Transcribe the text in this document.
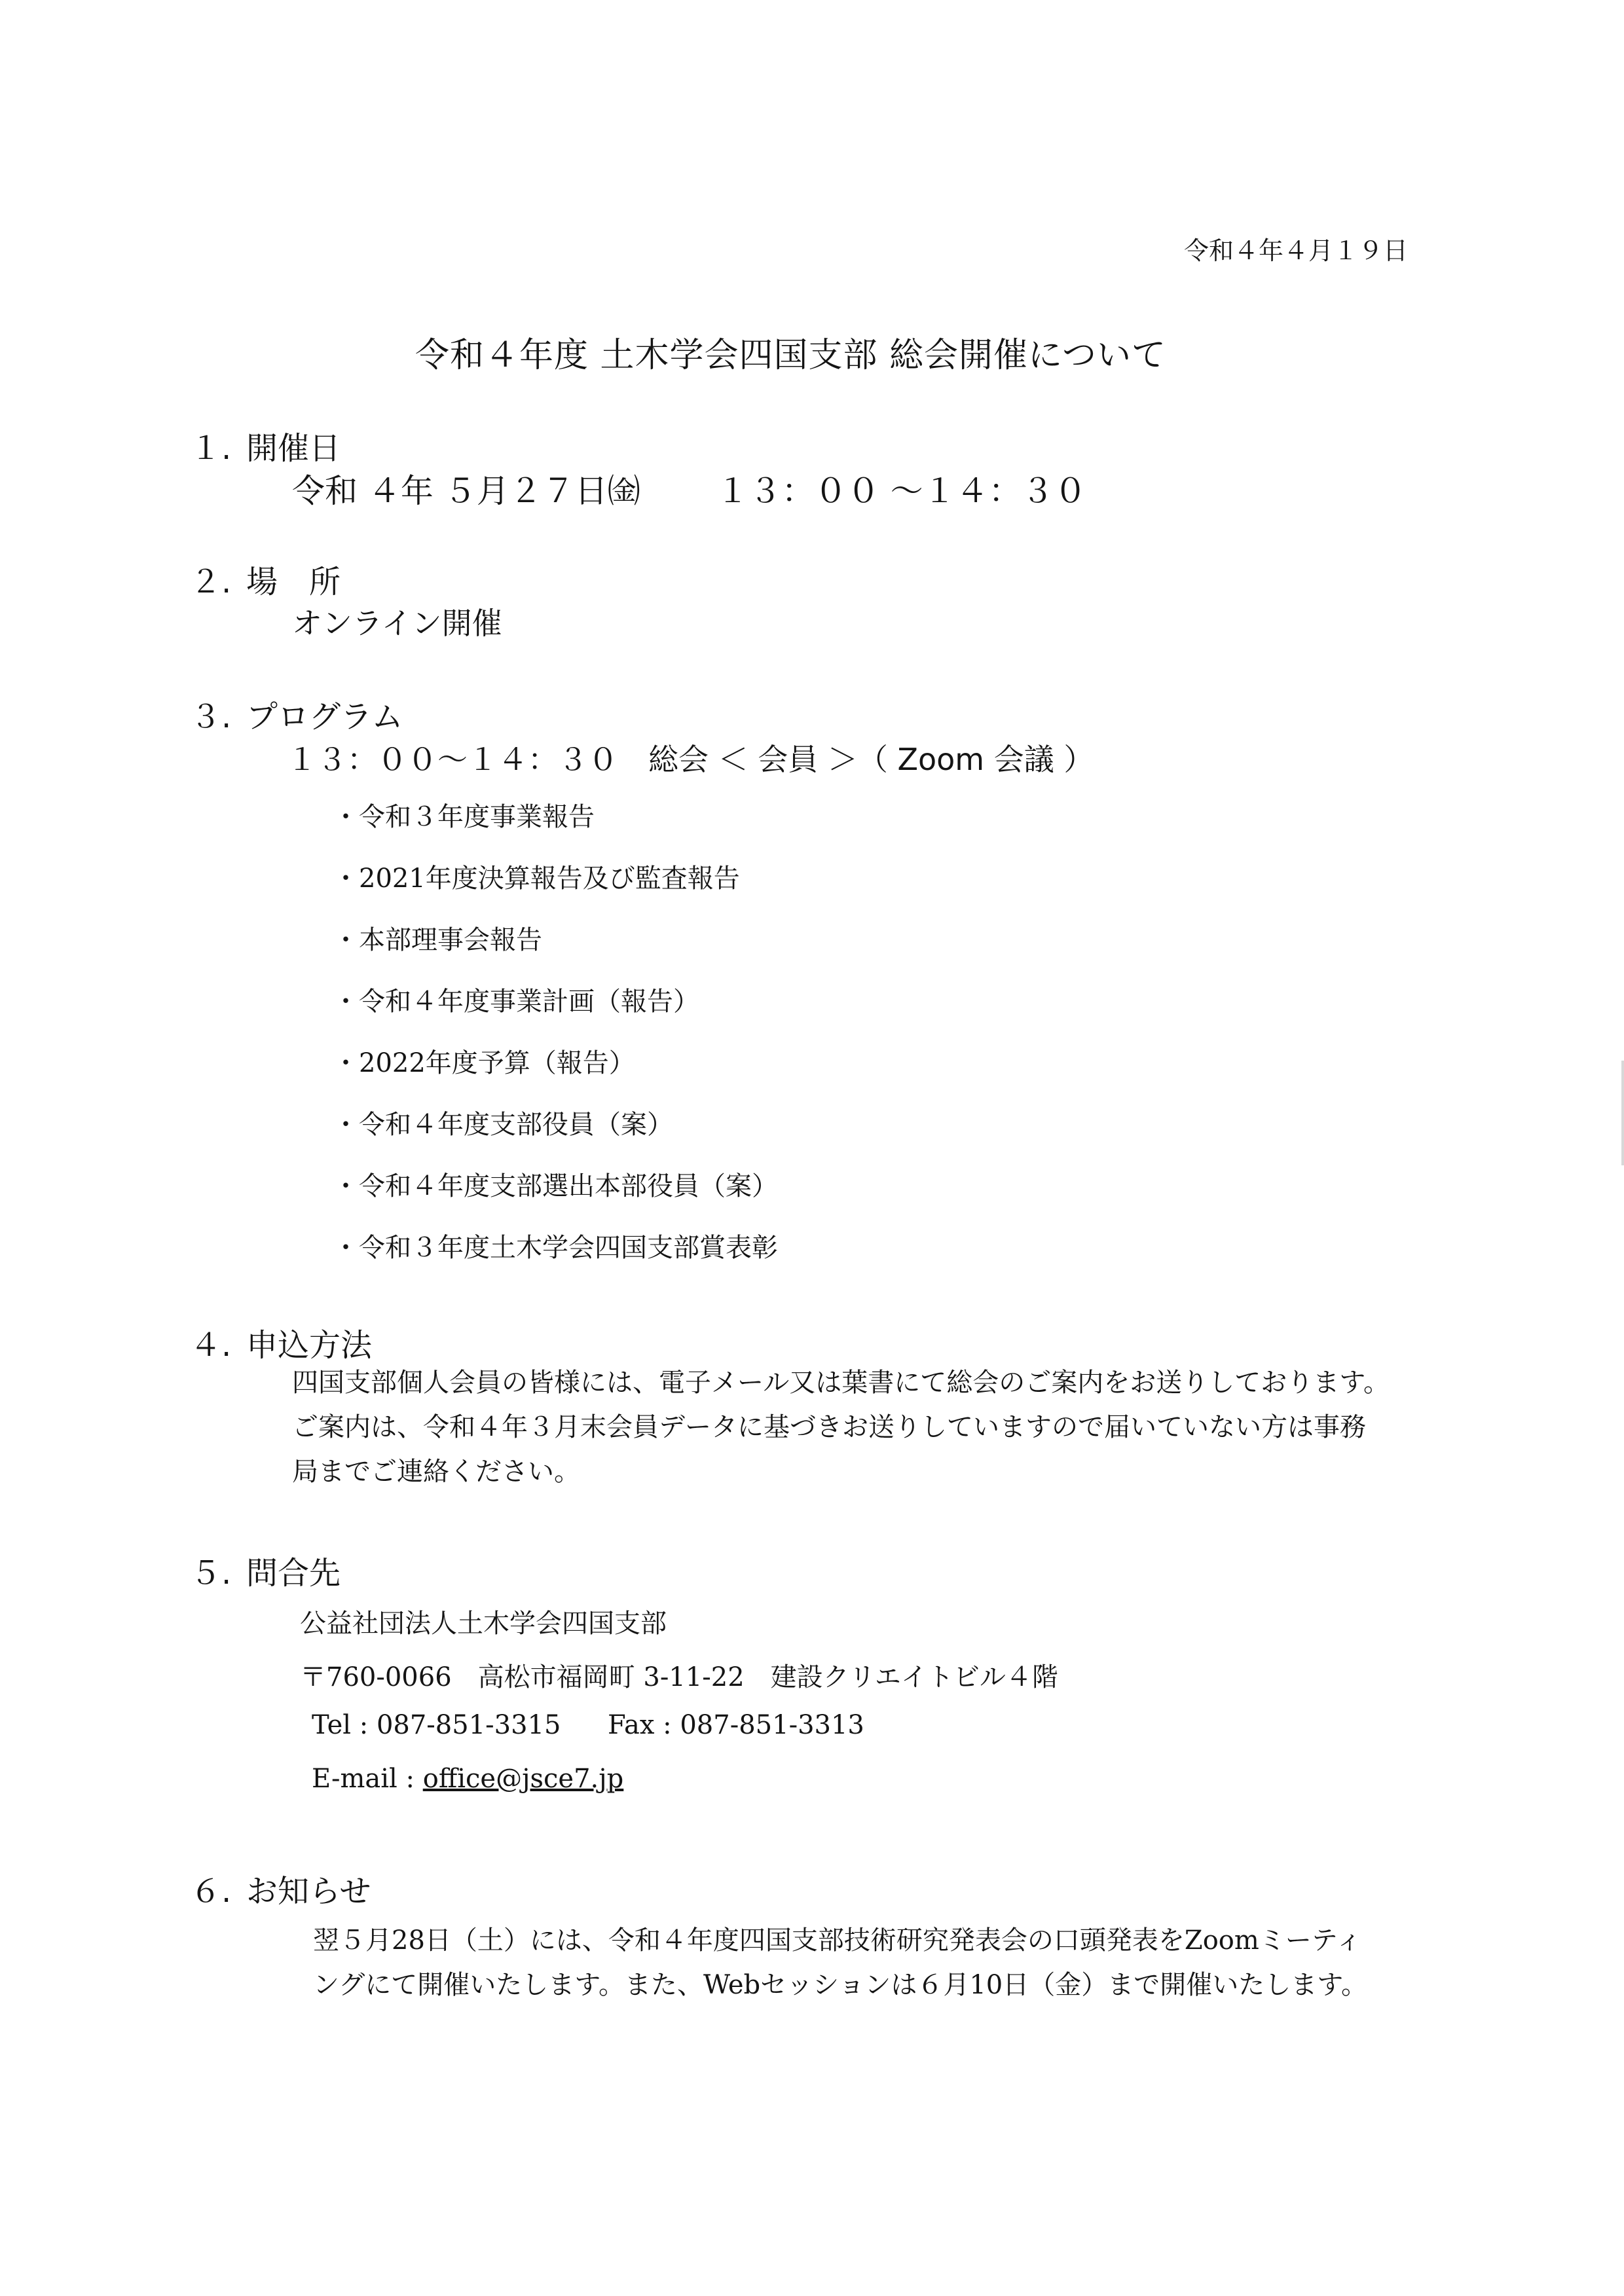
令和４年４月１９日
令和４年度 土木学会四国支部 総会開催について
１. 開催日
令和 ４年 ５月２７日㈮　　 １３：００ ～１４：３０
２. 場　所
オンライン開催
３. プログラム
１３：００～１４：３０　総会 ＜ 会員 ＞（ Zoom 会議 ）
・令和３年度事業報告
・2021年度決算報告及び監査報告
・本部理事会報告
・令和４年度事業計画（報告）
・2022年度予算（報告）
・令和４年度支部役員（案）
・令和４年度支部選出本部役員（案）
・令和３年度土木学会四国支部賞表彰
４. 申込方法
四国支部個人会員の皆様には、電子メール又は葉書にて総会のご案内をお送りしております。
ご案内は、令和４年３月末会員データに基づきお送りしていますので届いていない方は事務
局までご連絡ください。
５. 問合先
公益社団法人土木学会四国支部
〒760-0066　高松市福岡町 3-11-22　建設クリエイトビル４階
Tel : 087-851-3315 Fax : 087-851-3313
E-mail : office@jsce7.jp
６. お知らせ
翌５月28日（土）には、令和４年度四国支部技術研究発表会の口頭発表をZoomミーティ
ングにて開催いたします。また、Webセッションは６月10日（金）まで開催いたします。
